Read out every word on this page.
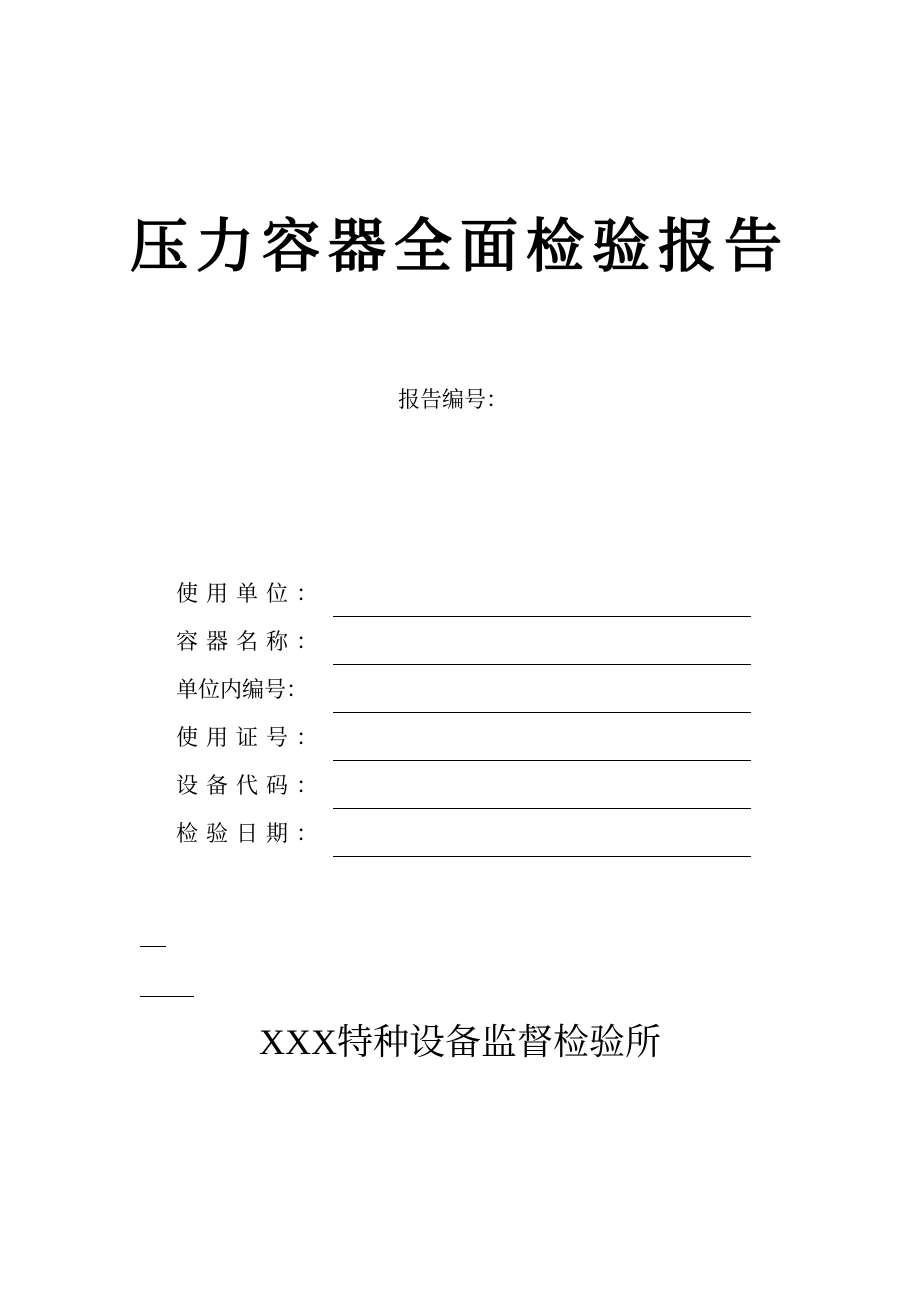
压力容器全面检验报告
报告编号：
使用单位：
容器名称：
单位内编号：
使用证号：
设备代码：
检验日期：
XXX特种设备监督检验所
